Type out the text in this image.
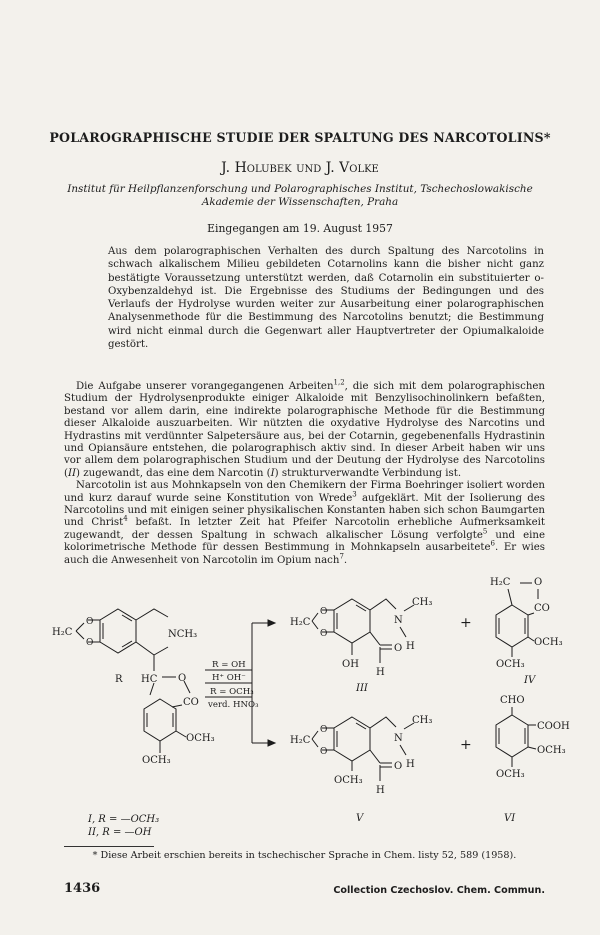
POLAROGRAPHISCHE STUDIE DER SPALTUNG DES NARCOTOLINS*
J. Holubek und J. Volke
Institut für Heilpflanzenforschung und Polarographisches Institut, Tschechoslowakische Akademie der Wissenschaften, Praha
Eingegangen am 19. August 1957

Aus dem polarographischen Verhalten des durch Spaltung des Narcotolins in schwach alkalischem Milieu gebildeten Cotarnolins kann die bisher nicht ganz bestätigte Voraussetzung unterstützt werden, daß Cotarnolin ein substituierter o-Oxybenzaldehyd ist. Die Ergebnisse des Studiums der Bedingungen und des Verlaufs der Hydrolyse wurden weiter zur Ausarbeitung einer polarographischen Analysenmethode für die Bestimmung des Narcotolins benutzt; die Bestimmung wird nicht einmal durch die Gegenwart aller Hauptvertreter der Opiumalkaloide gestört.

Die Aufgabe unserer vorangegangenen Arbeiten$^{1,2}$, die sich mit dem polarographischen Studium der Hydrolysenprodukte einiger Alkaloide mit Benzylisochinolinkern befaßten, bestand vor allem darin, eine indirekte polarographische Methode für die Bestimmung dieser Alkaloide auszuarbeiten. Wir nützten die oxydative Hydrolyse des Narcotins und Hydrastins mit verdünnter Salpetersäure aus, bei der Cotarnin, gegebenenfalls Hydrastinin und Opiansäure entstehen, die polarographisch aktiv sind. In dieser Arbeit haben wir uns vor allem dem polarographischen Studium und der Deutung der Hydrolyse des Narcotolins (II) zugewandt, das eine dem Narcotin (I) strukturverwandte Verbindung ist.

Narcotolin ist aus Mohnkapseln von den Chemikern der Firma Boehringer isoliert worden und kurz darauf wurde seine Konstitution von Wrede$^3$ aufgeklärt. Mit der Isolierung des Narcotolins und mit einigen seiner physikalischen Konstanten haben sich schon Baumgarten und Christ$^4$ befaßt. In letzter Zeit hat Pfeifer Narcotolin erhebliche Aufmerksamkeit zugewandt, der dessen Spaltung in schwach alkalischer Lösung verfolgte$^5$ und eine kolorimetrische Methode für dessen Bestimmung in Mohnkapseln ausarbeitete$^6$. Er wies auch die Anwesenheit von Narcotolin im Opium nach$^7$.

H₂C
O
O
NCH₃
R HC O
CO
OCH₃
OCH₃
I, R = —OCH₃
II, R = —OH
R = OH
H⁺ OH⁻
R = OCH₃
verd. HNO₃
H₂C
O
O
N
CH₃
H
OH
O
H
III
+
+
H₂C O
CO
OCH₃
OCH₃
IV
H₂C
O
O
N
CH₃
H
OCH₃
O
H
V
CHO
COOH
OCH₃
OCH₃
VI
* Diese Arbeit erschien bereits in tschechischer Sprache in Chem. listy 52, 589 (1958).
1436	Collection Czechoslov. Chem. Commun.
